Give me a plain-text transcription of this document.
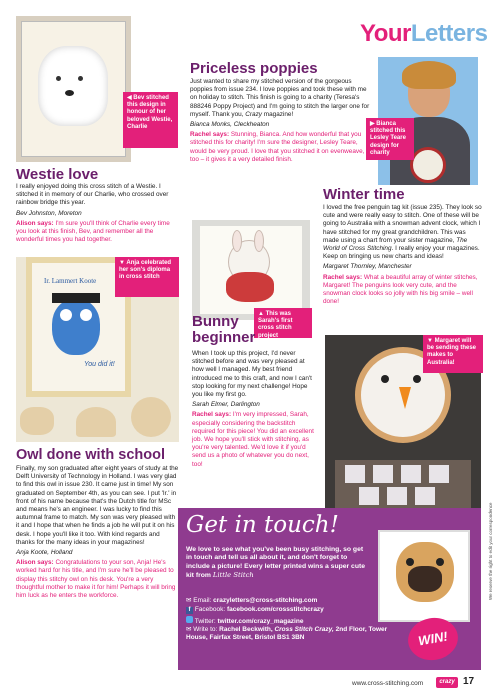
YourLetters
◀ Bev stitched this design in honour of her beloved Westie, Charlie
Westie love

I really enjoyed doing this cross stitch of a Westie. I stitched it in memory of our Charlie, who crossed over rainbow bridge this year.

Bev Johnston, Moreton

Alison says: I'm sure you'll think of Charlie every time you look at this finish, Bev, and remember all the wonderful times you had together.

Priceless poppies

Just wanted to share my stitched version of the gorgeous poppies from issue 234. I love poppies and took these with me on holiday to stitch. This finish is going to a charity (Teresa's 888246 Poppy Project) and I'm going to stitch the larger one for myself. Thank you, Crazy magazine!

Bianca Monks, Cleckheaton

Rachel says: Stunning, Bianca. And how wonderful that you stitched this for charity! I'm sure the designer, Lesley Teare, would be very proud. I love that you stitched it on evenweave, too – it gives it a very detailed finish.

▶ Bianca stitched this Lesley Teare design for charity
Ir. Lammert Koote
You did it!
▼ Anja celebrated her son's diploma in cross stitch
Owl done with school

Finally, my son graduated after eight years of study at the Delft University of Technology in Holland. I was very glad to find this owl in issue 230. It came just in time! My son graduated on September 4th, as you can see. I put 'Ir.' in front of his name because that's the Dutch title for MSc and means he's an engineer. I was lucky to find this autumnal frame to match. My son was very pleased with it and I hope that when he finds a job he will put it on his desk. I hope you'll like it too. With kind regards and thanks for the many ideas in your magazines!

Anja Koote, Holland

Alison says: Congratulations to your son, Anja! He's worked hard for his title, and I'm sure he'll be pleased to display this stitchy owl on his desk. You're a very thoughtful mother to make it for him! Perhaps it will bring him luck as he enters the workforce.

▲ This was Sarah's first cross stitch project
Bunny
beginner

When I took up this project, I'd never stitched before and was very pleased at how well I managed. My best friend introduced me to this craft, and now I can't stop looking for my next challenge! Hope you like my first go.

Sarah Elmer, Darlington

Rachel says: I'm very impressed, Sarah, especially considering the backstitch required for this piece! You did an excellent job. We hope you'll stick with stitching, as you're very talented. We'd love it if you'd send us a photo of whatever you do next, too!

Winter time

I loved the free penguin tag kit (issue 235). They look so cute and were really easy to stitch. One of these will be going to Australia with a snowman advent clock, which I have stitched for my great grandchildren. This was made using a chart from your sister magazine, The World of Cross Stitching. I really enjoy your magazines. Keep on bringing us new charts and ideas!

Margaret Thornley, Manchester

Rachel says: What a beautiful array of winter stitches, Margaret! The penguins look very cute, and the snowman clock looks so jolly with his big smile – well done!

▼ Margaret will be sending these makes to Australia!
Get in touch!
We love to see what you've been busy stitching, so get in touch and tell us all about it, and don't forget to include a picture! Every letter printed wins a super cute kit from Little Stitch
✉ Email: crazyletters@cross-stitching.com
f Facebook: facebook.com/crossstitchcrazy
Twitter: twitter.com/crazy_magazine
✉ Write to: Rachel Beckwith, Cross Stitch Crazy, 2nd Floor, Tower House, Fairfax Street, Bristol BS1 3BN	WIN!
We reserve the right to edit your correspondence
www.cross-stitching.com	crazy 17
